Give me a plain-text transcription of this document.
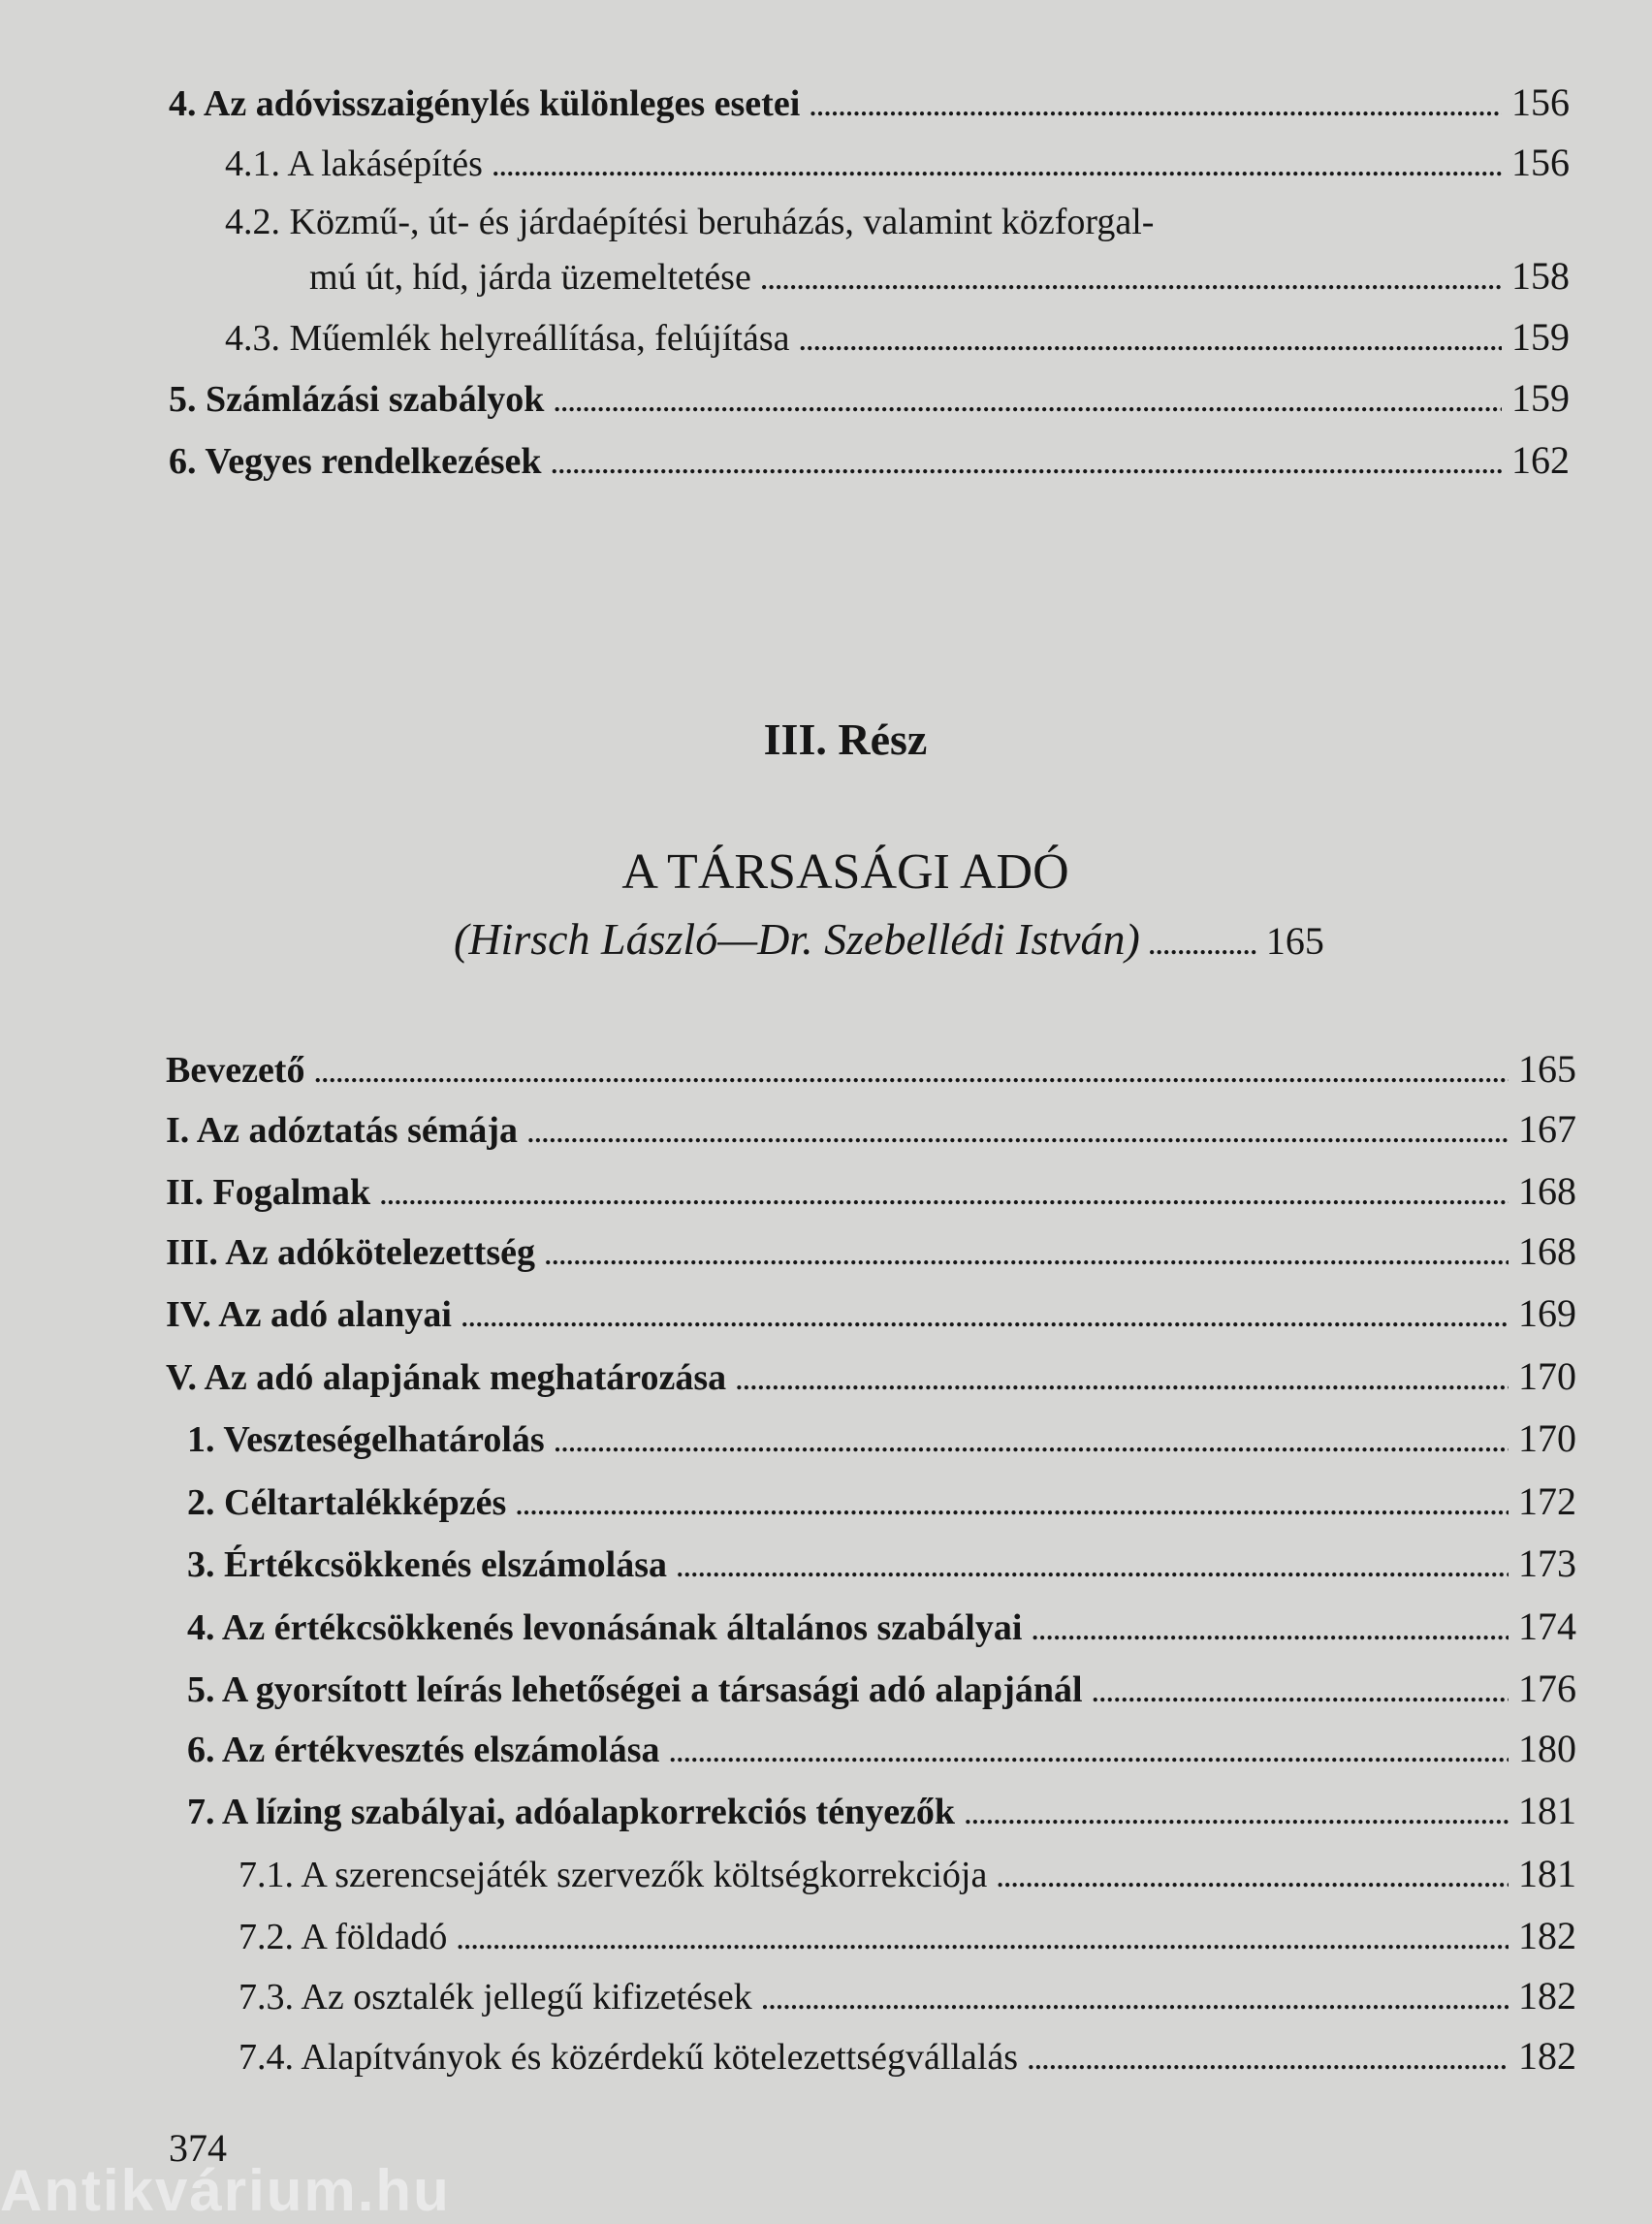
4. Az adóvisszaigénylés különleges esetei .....	156
4.1. A lakásépítés .....	156
4.2. Közmű-, út- és járdaépítési beruházás, valamint közforgal-
mú út, híd, járda üzemeltetése .....	158
4.3. Műemlék helyreállítása, felújítása .....	159
5. Számlázási szabályok .....	159
6. Vegyes rendelkezések .....	162
III. Rész
A TÁRSASÁGI ADÓ
(Hirsch László—Dr. Szebellédi István) .....	165
Bevezető .....	165
I. Az adóztatás sémája .....	167
II. Fogalmak .....	168
III. Az adókötelezettség .....	168
IV. Az adó alanyai .....	169
V. Az adó alapjának meghatározása .....	170
1. Veszteségelhatárolás .....	170
2. Céltartalékképzés .....	172
3. Értékcsökkenés elszámolása .....	173
4. Az értékcsökkenés levonásának általános szabályai .....	174
5. A gyorsított leírás lehetőségei a társasági adó alapjánál .....	176
6. Az értékvesztés elszámolása .....	180
7. A lízing szabályai, adóalapkorrekciós tényezők .....	181
7.1. A szerencsejáték szervezők költségkorrekciója .....	181
7.2. A földadó .....	182
7.3. Az osztalék jellegű kifizetések .....	182
7.4. Alapítványok és közérdekű kötelezettségvállalás .....	182
374
Antikvárium.hu
